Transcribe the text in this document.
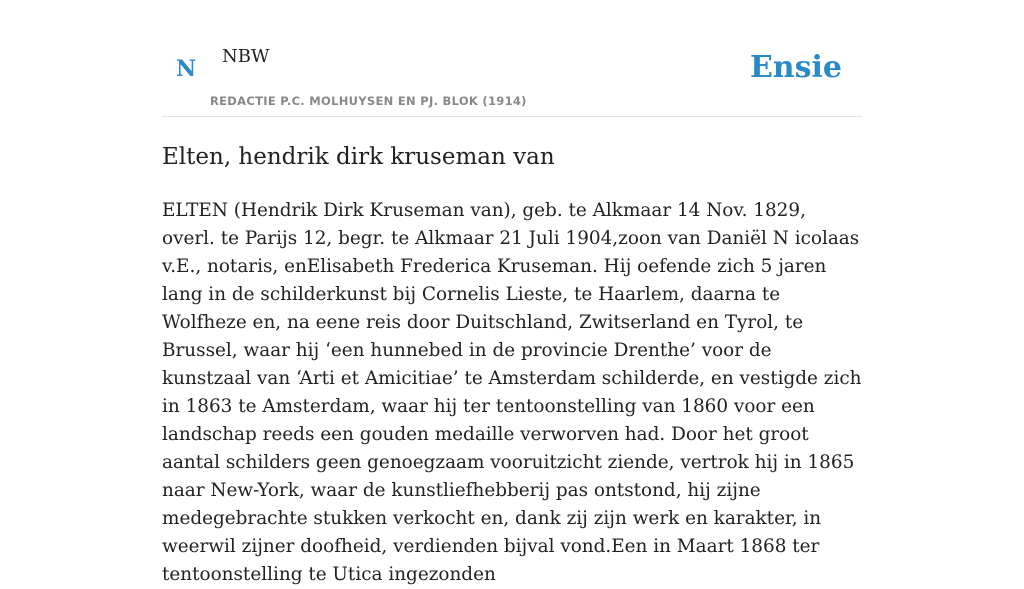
N NBW
REDACTIE P.C. MOLHUYSEN EN PJ. BLOK (1914)
Ensie
Elten, hendrik dirk kruseman van

ELTEN (Hendrik Dirk Kruseman van), geb. te Alkmaar 14 Nov. 1829, overl. te Parijs 12, begr. te Alkmaar 21 Juli 1904,zoon van Daniël N icolaas v.E., notaris, enElisabeth Frederica Kruseman. Hij oefende zich 5 jaren lang in de schilderkunst bij Cornelis Lieste, te Haarlem, daarna te Wolfheze en, na eene reis door Duitschland, Zwitserland en Tyrol, te Brussel, waar hij ‘een hunnebed in de provincie Drenthe’ voor de kunstzaal van ‘Arti et Amicitiae’ te Amsterdam schilderde, en vestigde zich in 1863 te Amsterdam, waar hij ter tentoonstelling van 1860 voor een landschap reeds een gouden medaille verworven had. Door het groot aantal schilders geen genoegzaam vooruitzicht ziende, vertrok hij in 1865 naar New-York, waar de kunstliefhebberij pas ontstond, hij zijne medegebrachte stukken verkocht en, dank zij zijn werk en karakter, in weerwil zijner doofheid, verdienden bijval vond.Een in Maart 1868 ter tentoonstelling te Utica ingezonden
